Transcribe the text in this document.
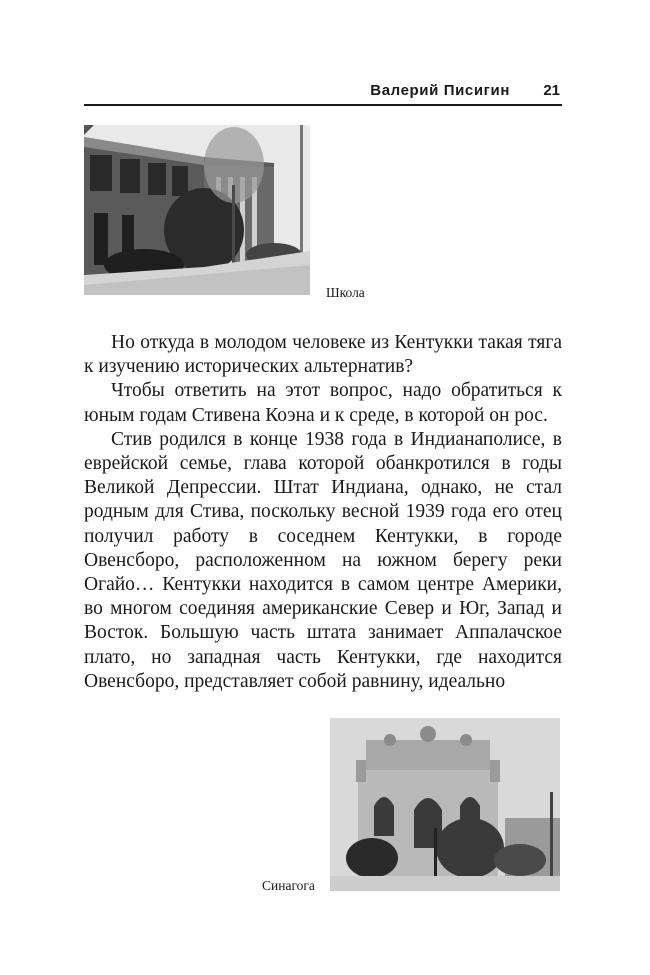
Валерий Писигин 21
Школа

Но откуда в молодом человеке из Кентукки такая тяга к изучению исторических альтернатив?

Чтобы ответить на этот вопрос, надо обратиться к юным годам Стивена Коэна и к среде, в которой он рос.

Стив родился в конце 1938 года в Индианаполисе, в еврейской семье, глава которой обанкротился в годы Великой Депрессии. Штат Индиана, однако, не стал родным для Стива, поскольку весной 1939 года его отец получил работу в соседнем Кентукки, в городе Овенсборо, расположенном на южном берегу реки Огайо… Кентукки находится в самом центре Америки, во многом соединяя американские Север и Юг, Запад и Восток. Большую часть штата занимает Аппалачское плато, но западная часть Кентукки, где находится Овенсборо, представляет собой равнину, идеально

Синагога
